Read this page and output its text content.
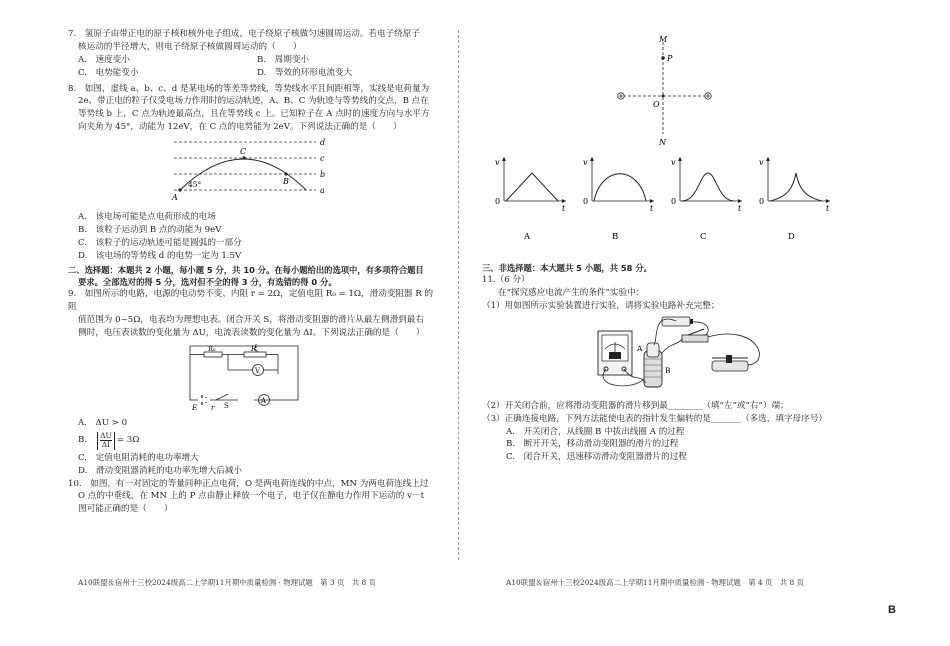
7.　氢原子由带正电的原子核和核外电子组成，电子绕原子核做匀速圆周运动。若电子绕原子

核运动的半径增大，则电子绕原子核做圆周运动的（　　）

A.　速度变小	B.　周期变小
C.　电势能变小	D.　等效的环形电流变大

8.　如图，虚线 a、b、c、d 是某电场的等差等势线，等势线水平且间距相等，实线是电荷量为

2e、带正电的粒子仅受电场力作用时的运动轨迹，A、B、C 为轨迹与等势线的交点，B 点在

等势线 b 上，C 点为轨迹最高点，且在等势线 c 上。已知粒子在 A 点时的速度方向与水平方

向夹角为 45°，动能为 12eV，在 C 点的电势能为 2eV。下列说法正确的是（　　）

d
c
b
a
A
C
B
45°

A.　该电场可能是点电荷形成的电场

B.　该粒子运动到 B 点的动能为 9eV

C.　该粒子的运动轨迹可能是圆弧的一部分

D.　该电场的等势线 d 的电势一定为 1.5V

二、选择题：本题共 2 小题，每小题 5 分，共 10 分。在每小题给出的选项中，有多项符合题目

要求。全部选对的得 5 分，选对但不全的得 3 分，有选错的得 0 分。

9.　如图所示的电路，电源的电动势不变、内阻 r = 2Ω，定值电阻 R₀ = 1Ω，滑动变阻器 R 的阻

值范围为 0~5Ω，电表均为理想电表。闭合开关 S，将滑动变阻器的滑片从最左侧滑到最右

侧时，电压表读数的变化量为 ΔU，电流表读数的变化量为 ΔI。下列说法正确的是（　　）

R₀	R
V
A
E r S

A.　ΔU > 0

B. $\frac{\Delta U}{\Delta I} = 3\Omega$

C.　定值电阻消耗的电功率增大

D.　滑动变阻器消耗的电功率先增大后减小

10.　如图，有一对固定的等量同种正点电荷，O 是两电荷连线的中点，MN 为两电荷连线上过

O 点的中垂线，在 MN 上的 P 点由静止释放一个电子，电子仅在静电力作用下运动的 v－t

图可能正确的是（　　）

A10联盟＆宿州十三校2024级高二上学期11月期中质量检测 · 物理试题　第 3 页　共 8 页
M
P
O
N

v
t
0
A
v
t
0
B
v
t
0
C
v
t
0
D
三、非选择题：本大题共 5 小题，共 58 分。

11.（6 分）

在“探究感应电流产生的条件”实验中：

（1）用如图所示实验装置进行实验，请将实验电路补充完整；

A
B

（2）开关闭合前，应将滑动变阻器的滑片移到最________（填“左”或“右”）端；

（3）正确连接电路，下列方法能使电表的指针发生偏转的是_______（多选，填字母序号）

A.　开关闭合，从线圈 B 中拔出线圈 A 的过程

B.　断开开关，移动滑动变阻器的滑片的过程

C.　闭合开关，迅速移动滑动变阻器滑片的过程

A10联盟＆宿州十三校2024级高二上学期11月期中质量检测 · 物理试题　第 4 页　共 8 页
B
